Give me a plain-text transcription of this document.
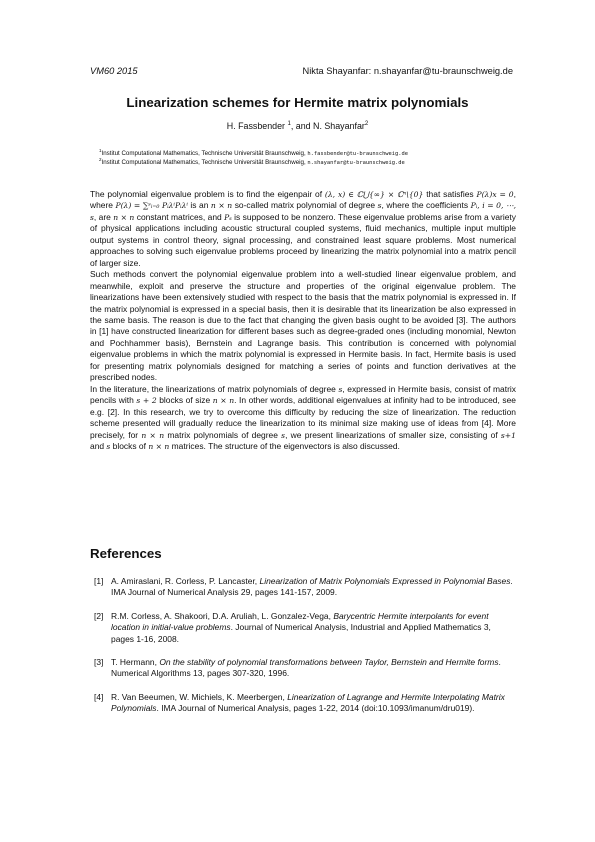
VM60 2015	Nikta Shayanfar: n.shayanfar@tu-braunschweig.de
Linearization schemes for Hermite matrix polynomials
H. Fassbender $^1$, and N. Shayanfar$^2$
$^1$Institut Computational Mathematics, Technische Universität Braunschweig, h.fassbender@tu-braunschweig.de
$^2$Institut Computational Mathematics, Technische Universität Braunschweig, n.shayanfar@tu-braunschweig.de

The polynomial eigenvalue problem is to find the eigenpair of (λ, x) ∈ ℂ⋃{∞} × ℂⁿ\{0} that satisfies P(λ)x = 0, where P(λ) = ∑ˢᵢ₌₀ PᵢλⁱPᵢλⁱ is an n × n so-called matrix polynomial of degree s, where the coefficients Pᵢ, i = 0, ⋯, s, are n × n constant matrices, and Pₛ is supposed to be nonzero. These eigenvalue problems arise from a variety of physical applications including acoustic structural coupled systems, fluid mechanics, multiple input multiple output systems in control theory, signal processing, and constrained least square problems. Most numerical approaches to solving such eigenvalue problems proceed by linearizing the matrix polynomial into a matrix pencil of larger size.

Such methods convert the polynomial eigenvalue problem into a well-studied linear eigenvalue problem, and meanwhile, exploit and preserve the structure and properties of the original eigenvalue problem. The linearizations have been extensively studied with respect to the basis that the matrix polynomial is expressed in. If the matrix polynomial is expressed in a special basis, then it is desirable that its linearization be also expressed in the same basis. The reason is due to the fact that changing the given basis ought to be avoided [3]. The authors in [1] have constructed linearization for different bases such as degree-graded ones (including monomial, Newton and Pochhammer basis), Bernstein and Lagrange basis. This contribution is concerned with polynomial eigenvalue problems in which the matrix polynomial is expressed in Hermite basis. In fact, Hermite basis is used for presenting matrix polynomials designed for matching a series of points and function derivatives at the prescribed nodes.

In the literature, the linearizations of matrix polynomials of degree s, expressed in Hermite basis, consist of matrix pencils with s + 2 blocks of size n × n. In other words, additional eigenvalues at infinity had to be introduced, see e.g. [2]. In this research, we try to overcome this difficulty by reducing the size of linearization. The reduction scheme presented will gradually reduce the linearization to its minimal size making use of ideas from [4]. More precisely, for n × n matrix polynomials of degree s, we present linearizations of smaller size, consisting of s+1 and s blocks of n × n matrices. The structure of the eigenvectors is also discussed.

References
[1] A. Amiraslani, R. Corless, P. Lancaster, Linearization of Matrix Polynomials Expressed in Polynomial Bases. IMA Journal of Numerical Analysis 29, pages 141-157, 2009.
[2] R.M. Corless, A. Shakoori, D.A. Aruliah, L. Gonzalez-Vega, Barycentric Hermite interpolants for event location in initial-value problems. Journal of Numerical Analysis, Industrial and Applied Mathematics 3, pages 1-16, 2008.
[3] T. Hermann, On the stability of polynomial transformations between Taylor, Bernstein and Hermite forms. Numerical Algorithms 13, pages 307-320, 1996.
[4] R. Van Beeumen, W. Michiels, K. Meerbergen, Linearization of Lagrange and Hermite Interpolating Matrix Polynomials. IMA Journal of Numerical Analysis, pages 1-22, 2014 (doi:10.1093/imanum/dru019).
